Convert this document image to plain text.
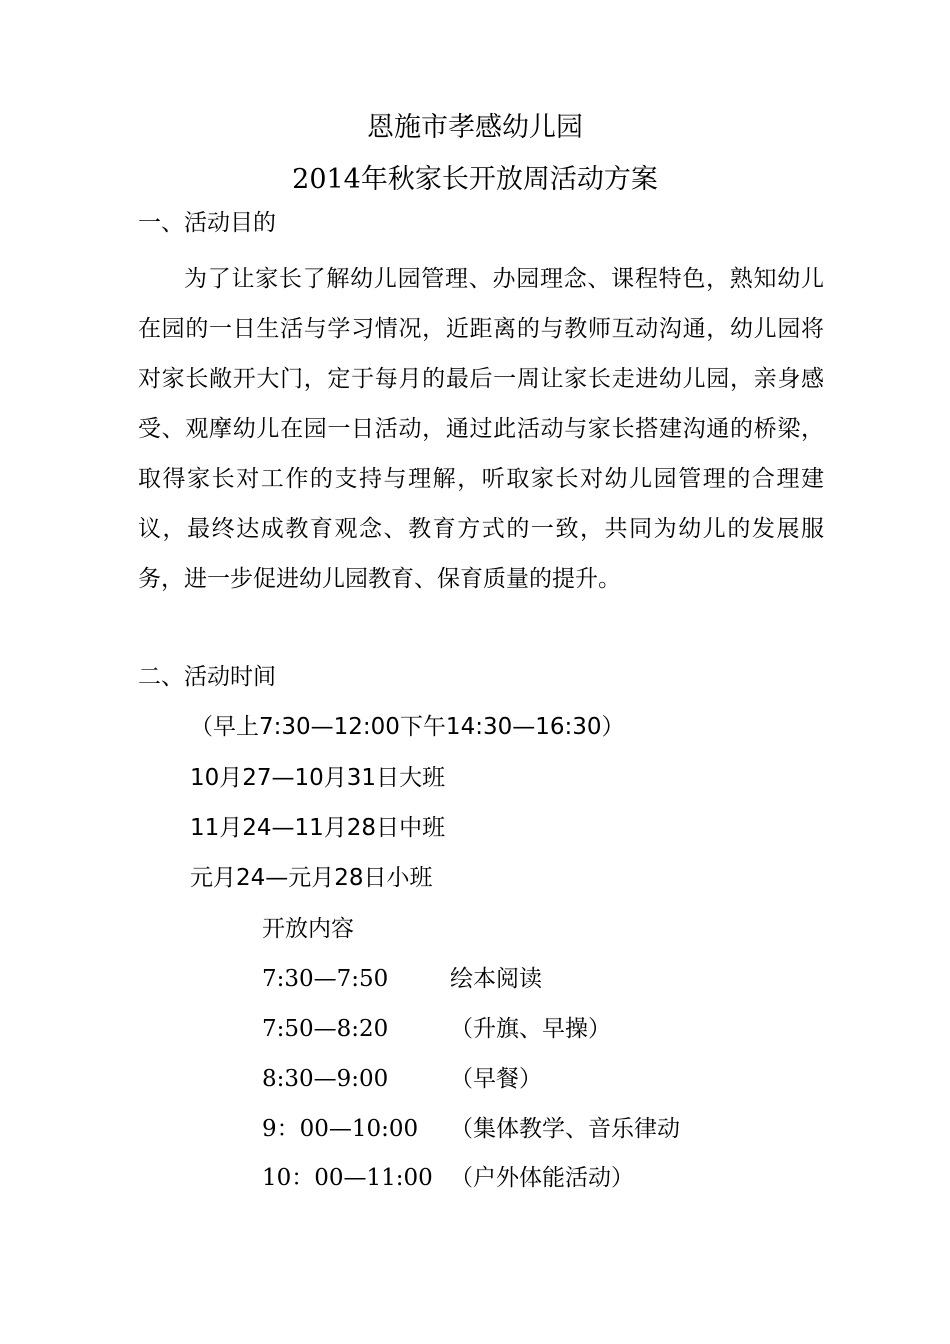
恩施市孝感幼儿园
2014年秋家长开放周活动方案
一、活动目的

为了让家长了解幼儿园管理、办园理念、课程特色，熟知幼儿在园的一日生活与学习情况，近距离的与教师互动沟通，幼儿园将对家长敞开大门，定于每月的最后一周让家长走进幼儿园，亲身感受、观摩幼儿在园一日活动，通过此活动与家长搭建沟通的桥梁，取得家长对工作的支持与理解，听取家长对幼儿园管理的合理建议，最终达成教育观念、教育方式的一致，共同为幼儿的发展服务，进一步促进幼儿园教育、保育质量的提升。

二、活动时间
（早上7:30—12:00下午14:30—16:30）
10月27—10月31日大班
11月24—11月28日中班
元月24—元月28日小班
开放内容
7:30—7:50	绘本阅读
7:50—8:20	（升旗、早操）
8:30—9:00	（早餐）
9：00—10:00 （集体教学、音乐律动
10：00—11:00 （户外体能活动）
